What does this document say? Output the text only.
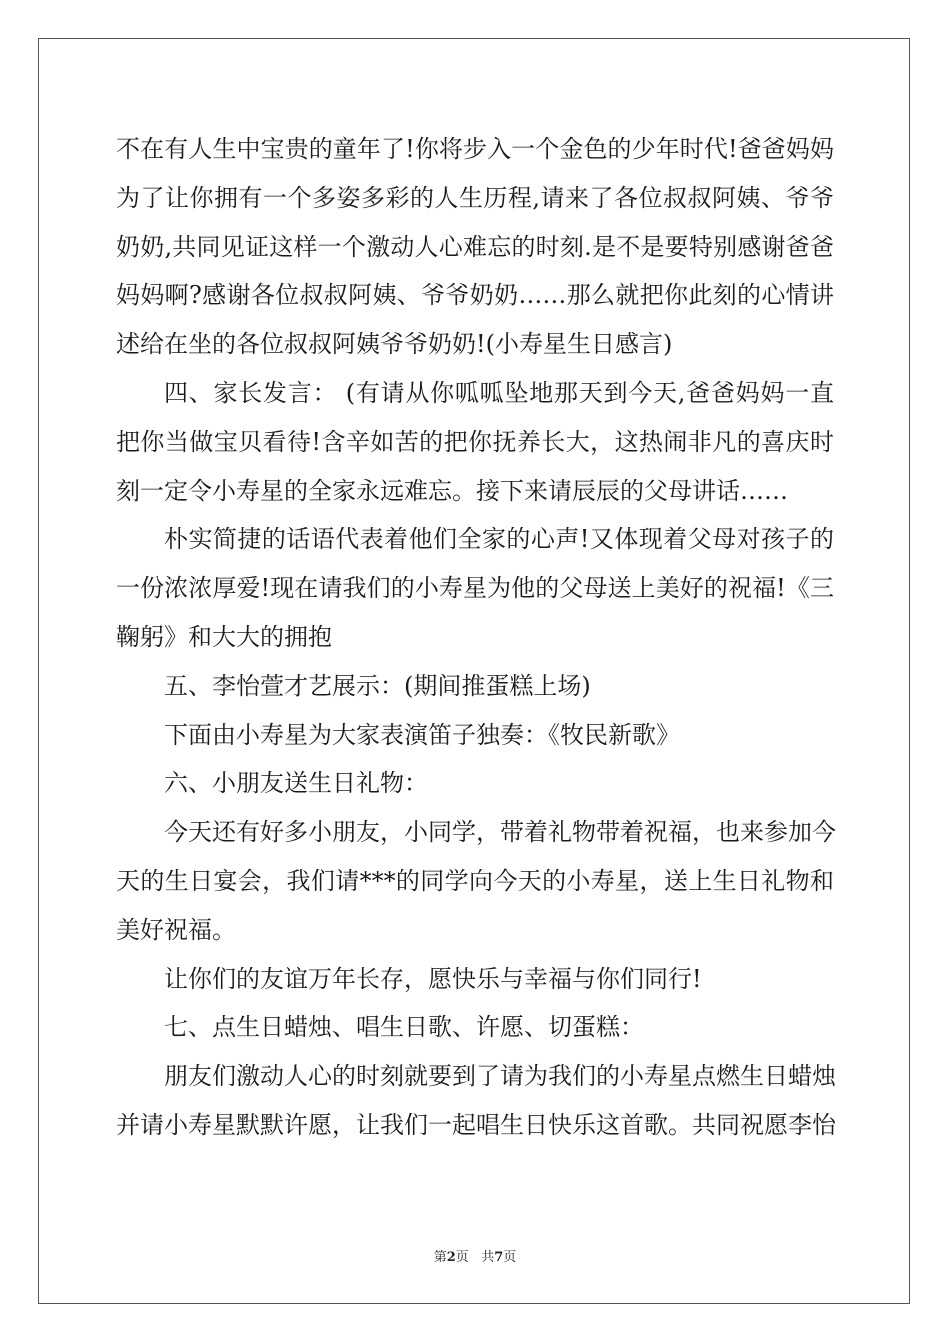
不在有人生中宝贵的童年了!你将步入一个金色的少年时代!爸爸妈妈
为了让你拥有一个多姿多彩的人生历程,请来了各位叔叔阿姨、爷爷
奶奶,共同见证这样一个激动人心难忘的时刻.是不是要特别感谢爸爸
妈妈啊?感谢各位叔叔阿姨、爷爷奶奶……那么就把你此刻的心情讲
述给在坐的各位叔叔阿姨爷爷奶奶!(小寿星生日感言)
四、家长发言： (有请从你呱呱坠地那天到今天,爸爸妈妈一直
把你当做宝贝看待!含辛如苦的把你抚养长大，这热闹非凡的喜庆时
刻一定令小寿星的全家永远难忘。接下来请辰辰的父母讲话……
朴实简捷的话语代表着他们全家的心声!又体现着父母对孩子的
一份浓浓厚爱!现在请我们的小寿星为他的父母送上美好的祝福!《三
鞠躬》和大大的拥抱
五、李怡萱才艺展示：(期间推蛋糕上场)
下面由小寿星为大家表演笛子独奏：《牧民新歌》
六、小朋友送生日礼物：
今天还有好多小朋友，小同学，带着礼物带着祝福，也来参加今
天的生日宴会，我们请***的同学向今天的小寿星，送上生日礼物和
美好祝福。
让你们的友谊万年长存，愿快乐与幸福与你们同行!
七、点生日蜡烛、唱生日歌、许愿、切蛋糕：
朋友们激动人心的时刻就要到了请为我们的小寿星点燃生日蜡烛
并请小寿星默默许愿，让我们一起唱生日快乐这首歌。共同祝愿李怡
第2页 共7页
